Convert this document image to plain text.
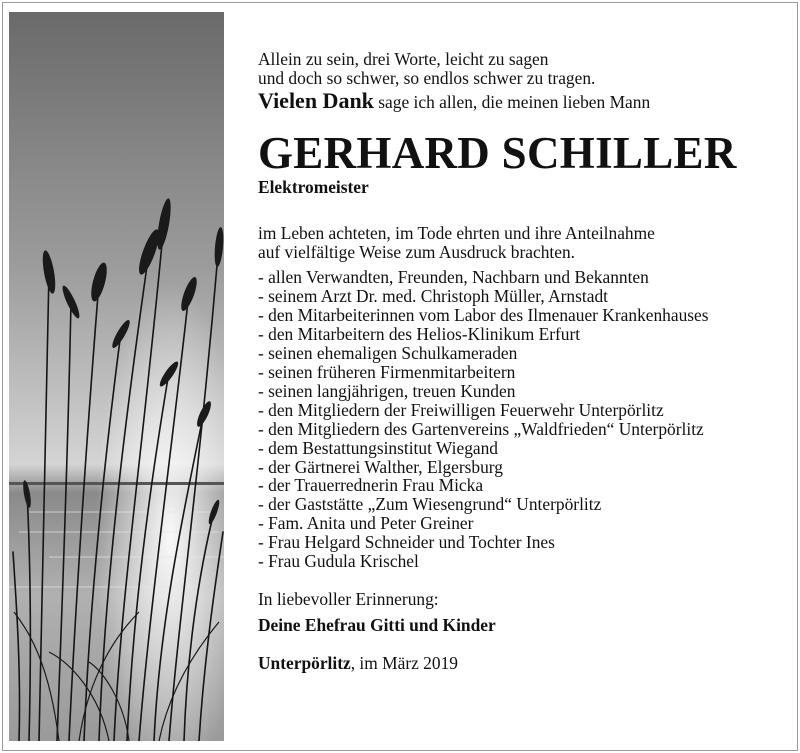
Allein zu sein, drei Worte, leicht zu sagen
und doch so schwer, so endlos schwer zu tragen.
Vielen Dank sage ich allen, die meinen lieben Mann
GERHARD SCHILLER
Elektromeister
im Leben achteten, im Tode ehrten und ihre Anteilnahme
auf vielfältige Weise zum Ausdruck brachten.
- allen Verwandten, Freunden, Nachbarn und Bekannten
- seinem Arzt Dr. med. Christoph Müller, Arnstadt
- den Mitarbeiterinnen vom Labor des Ilmenauer Krankenhauses
- den Mitarbeitern des Helios-Klinikum Erfurt
- seinen ehemaligen Schulkameraden
- seinen früheren Firmenmitarbeitern
- seinen langjährigen, treuen Kunden
- den Mitgliedern der Freiwilligen Feuerwehr Unterpörlitz
- den Mitgliedern des Gartenvereins „Waldfrieden“ Unterpörlitz
- dem Bestattungsinstitut Wiegand
- der Gärtnerei Walther, Elgersburg
- der Trauerrednerin Frau Micka
- der Gaststätte „Zum Wiesengrund“ Unterpörlitz
- Fam. Anita und Peter Greiner
- Frau Helgard Schneider und Tochter Ines
- Frau Gudula Krischel
In liebevoller Erinnerung:
Deine Ehefrau Gitti und Kinder
Unterpörlitz, im März 2019
